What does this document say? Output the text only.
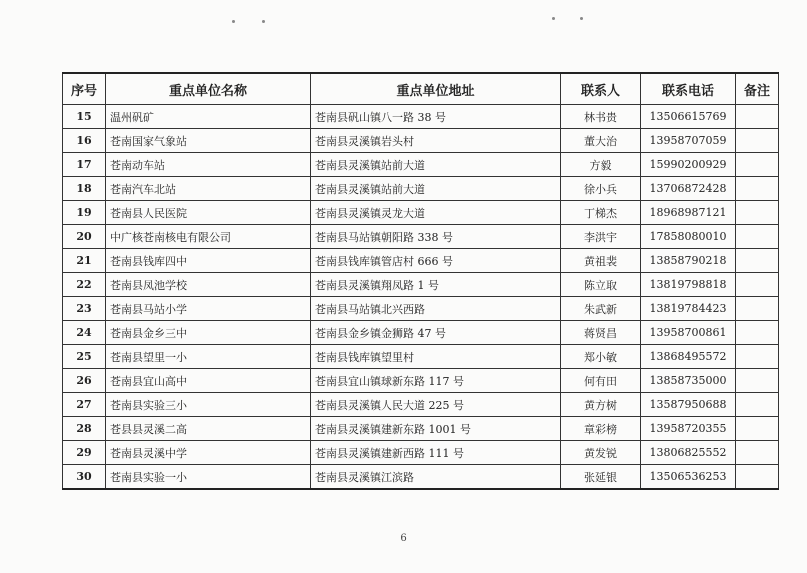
序号	重点单位名称	重点单位地址	联系人	联系电话	备注
15	温州矾矿	苍南县矾山镇八一路 38 号	林书贵	13506615769	
16	苍南国家气象站	苍南县灵溪镇岩头村	董大治	13958707059	
17	苍南动车站	苍南县灵溪镇站前大道	方毅	15990200929	
18	苍南汽车北站	苍南县灵溪镇站前大道	徐小兵	13706872428	
19	苍南县人民医院	苍南县灵溪镇灵龙大道	丁梯杰	18968987121	
20	中广核苍南核电有限公司	苍南县马站镇朝阳路 338 号	李洪宇	17858080010	
21	苍南县钱库四中	苍南县钱库镇管店村 666 号	黄祖裴	13858790218	
22	苍南县凤池学校	苍南县灵溪镇翔凤路 1 号	陈立取	13819798818	
23	苍南县马站小学	苍南县马站镇北兴西路	朱武新	13819784423	
24	苍南县金乡三中	苍南县金乡镇金狮路 47 号	蒋贤昌	13958700861	
25	苍南县望里一小	苍南县钱库镇望里村	郑小敏	13868495572	
26	苍南县宜山高中	苍南县宜山镇球新东路 117 号	何有田	13858735000	
27	苍南县实验三小	苍南县灵溪镇人民大道 225 号	黄方树	13587950688	
28	苍县县灵溪二高	苍南县灵溪镇建新东路 1001 号	章彩榜	13958720355	
29	苍南县灵溪中学	苍南县灵溪镇建新西路 111 号	黄发锐	13806825552	
30	苍南县实验一小	苍南县灵溪镇江滨路	张延银	13506536253	
6
